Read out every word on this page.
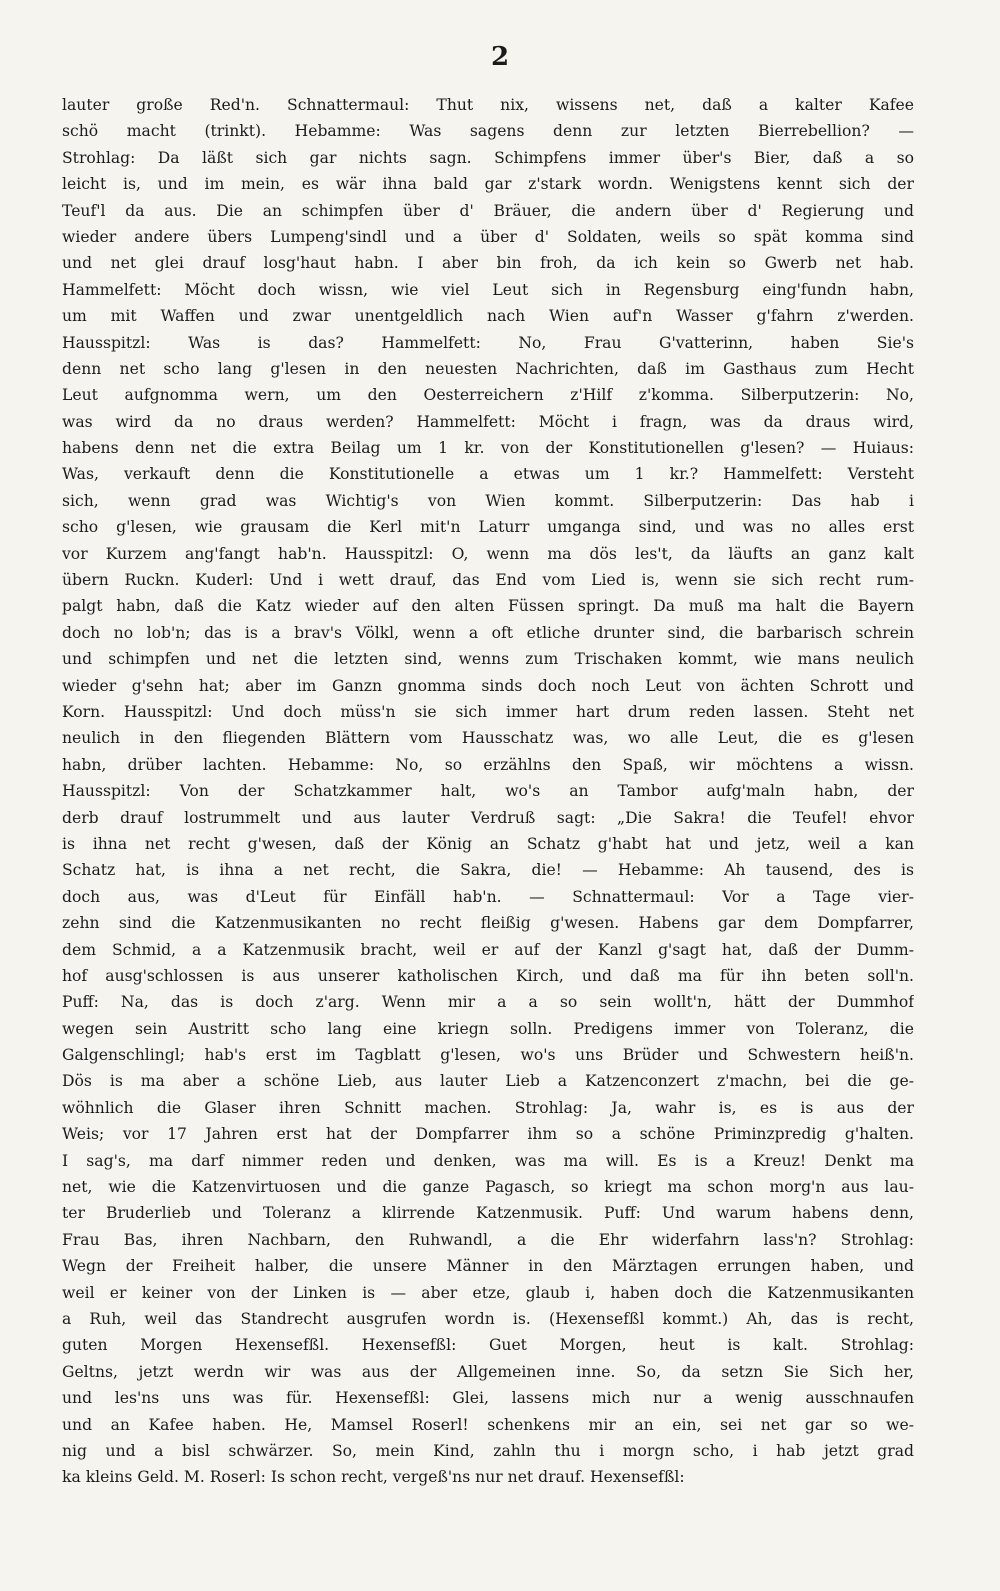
2
lauter große Red'n. Schnattermaul: Thut nix, wissens net, daß a kalter Kafee
schö macht (trinkt). Hebamme: Was sagens denn zur letzten Bierrebellion? —
Strohlag: Da läßt sich gar nichts sagn. Schimpfens immer über's Bier, daß a so
leicht is, und im mein, es wär ihna bald gar z'stark wordn. Wenigstens kennt sich der
Teuf'l da aus. Die an schimpfen über d' Bräuer, die andern über d' Regierung und
wieder andere übers Lumpeng'sindl und a über d' Soldaten, weils so spät komma sind
und net glei drauf losg'haut habn. I aber bin froh, da ich kein so Gwerb net hab.
Hammelfett: Möcht doch wissn, wie viel Leut sich in Regensburg eing'fundn habn,
um mit Waffen und zwar unentgeldlich nach Wien auf'n Wasser g'fahrn z'werden.
Hausspitzl: Was is das? Hammelfett: No, Frau G'vatterinn, haben Sie's
denn net scho lang g'lesen in den neuesten Nachrichten, daß im Gasthaus zum Hecht
Leut aufgnomma wern, um den Oesterreichern z'Hilf z'komma. Silberputzerin: No,
was wird da no draus werden? Hammelfett: Möcht i fragn, was da draus wird,
habens denn net die extra Beilag um 1 kr. von der Konstitutionellen g'lesen? — Huiaus:
Was, verkauft denn die Konstitutionelle a etwas um 1 kr.? Hammelfett: Versteht
sich, wenn grad was Wichtig's von Wien kommt. Silberputzerin: Das hab i
scho g'lesen, wie grausam die Kerl mit'n Laturr umganga sind, und was no alles erst
vor Kurzem ang'fangt hab'n. Hausspitzl: O, wenn ma dös les't, da läufts an ganz kalt
übern Ruckn. Kuderl: Und i wett drauf, das End vom Lied is, wenn sie sich recht rum-
palgt habn, daß die Katz wieder auf den alten Füssen springt. Da muß ma halt die Bayern
doch no lob'n; das is a brav's Völkl, wenn a oft etliche drunter sind, die barbarisch schrein
und schimpfen und net die letzten sind, wenns zum Trischaken kommt, wie mans neulich
wieder g'sehn hat; aber im Ganzn gnomma sinds doch noch Leut von ächten Schrott und
Korn. Hausspitzl: Und doch müss'n sie sich immer hart drum reden lassen. Steht net
neulich in den fliegenden Blättern vom Hausschatz was, wo alle Leut, die es g'lesen
habn, drüber lachten. Hebamme: No, so erzählns den Spaß, wir möchtens a wissn.
Hausspitzl: Von der Schatzkammer halt, wo's an Tambor aufg'maln habn, der
derb drauf lostrummelt und aus lauter Verdruß sagt: „Die Sakra! die Teufel! ehvor
is ihna net recht g'wesen, daß der König an Schatz g'habt hat und jetz, weil a kan
Schatz hat, is ihna a net recht, die Sakra, die! — Hebamme: Ah tausend, des is
doch aus, was d'Leut für Einfäll hab'n. — Schnattermaul: Vor a Tage vier-
zehn sind die Katzenmusikanten no recht fleißig g'wesen. Habens gar dem Dompfarrer,
dem Schmid, a a Katzenmusik bracht, weil er auf der Kanzl g'sagt hat, daß der Dumm-
hof ausg'schlossen is aus unserer katholischen Kirch, und daß ma für ihn beten soll'n.
Puff: Na, das is doch z'arg. Wenn mir a a so sein wollt'n, hätt der Dummhof
wegen sein Austritt scho lang eine kriegn solln. Predigens immer von Toleranz, die
Galgenschlingl; hab's erst im Tagblatt g'lesen, wo's uns Brüder und Schwestern heiß'n.
Dös is ma aber a schöne Lieb, aus lauter Lieb a Katzenconzert z'machn, bei die ge-
wöhnlich die Glaser ihren Schnitt machen. Strohlag: Ja, wahr is, es is aus der
Weis; vor 17 Jahren erst hat der Dompfarrer ihm so a schöne Priminzpredig g'halten.
I sag's, ma darf nimmer reden und denken, was ma will. Es is a Kreuz! Denkt ma
net, wie die Katzenvirtuosen und die ganze Pagasch, so kriegt ma schon morg'n aus lau-
ter Bruderlieb und Toleranz a klirrende Katzenmusik. Puff: Und warum habens denn,
Frau Bas, ihren Nachbarn, den Ruhwandl, a die Ehr widerfahrn lass'n? Strohlag:
Wegn der Freiheit halber, die unsere Männer in den Märztagen errungen haben, und
weil er keiner von der Linken is — aber etze, glaub i, haben doch die Katzenmusikanten
a Ruh, weil das Standrecht ausgrufen wordn is. (Hexensefßl kommt.) Ah, das is recht,
guten Morgen Hexensefßl. Hexensefßl: Guet Morgen, heut is kalt. Strohlag:
Geltns, jetzt werdn wir was aus der Allgemeinen inne. So, da setzn Sie Sich her,
und les'ns uns was für. Hexensefßl: Glei, lassens mich nur a wenig ausschnaufen
und an Kafee haben. He, Mamsel Roserl! schenkens mir an ein, sei net gar so we-
nig und a bisl schwärzer. So, mein Kind, zahln thu i morgn scho, i hab jetzt grad
ka kleins Geld. M. Roserl: Is schon recht, vergeß'ns nur net drauf. Hexensefßl:
